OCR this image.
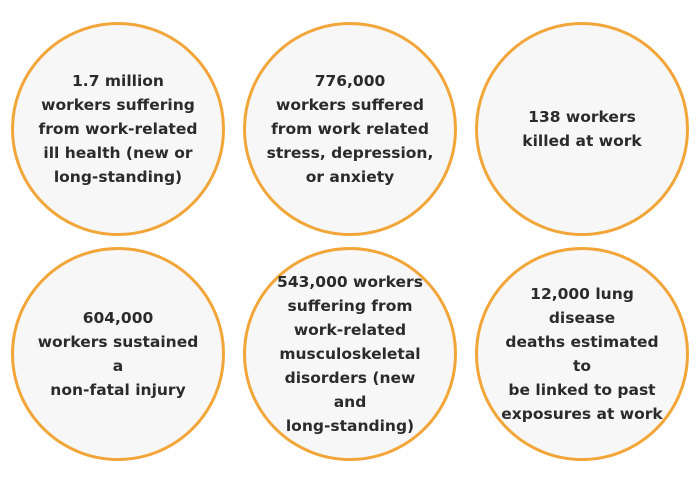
1.7 million
workers suffering
from work-related
ill health (new or
long-standing)

776,000
workers suffered
from work related
stress, depression,
or anxiety

138 workers
killed at work

604,000
workers sustained a
non-fatal injury

543,000 workers
suffering from
work-related
musculoskeletal
disorders (new and
long-standing)

12,000 lung disease
deaths estimated to
be linked to past
exposures at work
